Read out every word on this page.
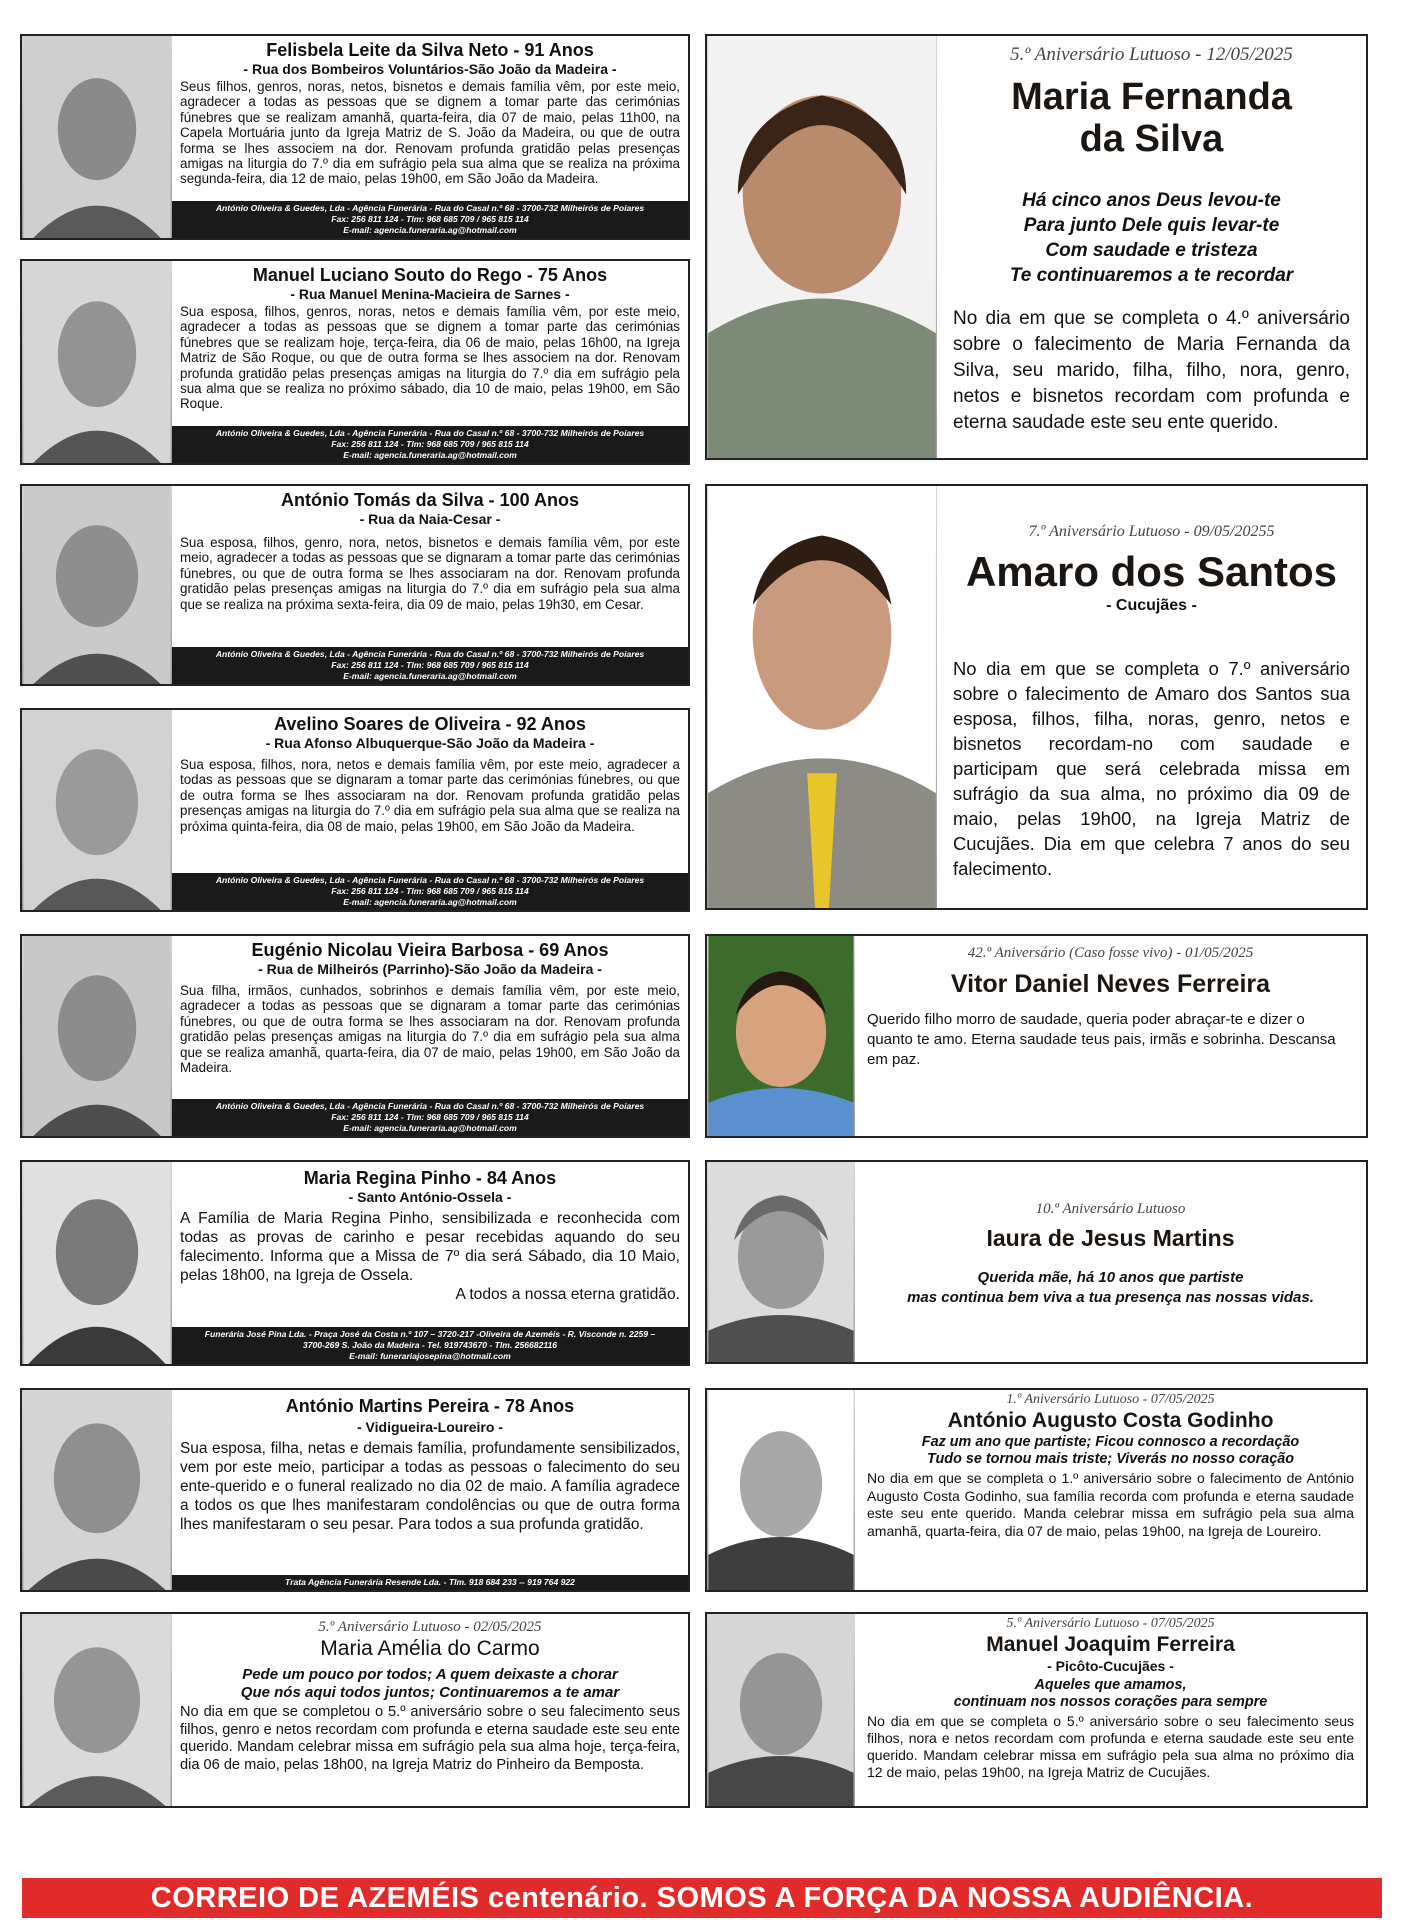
Felisbela Leite da Silva Neto - 91 Anos
- Rua dos Bombeiros Voluntários-São João da Madeira -
Seus filhos, genros, noras, netos, bisnetos e demais família vêm, por este meio, agradecer a todas as pessoas que se dignem a tomar parte das cerimónias fúnebres que se realizam amanhã, quarta-feira, dia 07 de maio, pelas 11h00, na Capela Mortuária junto da Igreja Matriz de S. João da Madeira, ou que de outra forma se lhes associem na dor. Renovam profunda gratidão pelas presenças amigas na liturgia do 7.º dia em sufrágio pela sua alma que se realiza na próxima segunda-feira, dia 12 de maio, pelas 19h00, em São João da Madeira.
António Oliveira & Guedes, Lda - Agência Funerária - Rua do Casal n.º 68 - 3700-732 Milheirós de Poiares
Fax: 256 811 124 - Tlm: 968 685 709 / 965 815 114
E-mail: agencia.funeraria.ag@hotmail.com
Manuel Luciano Souto do Rego - 75 Anos
- Rua Manuel Menina-Macieira de Sarnes -
Sua esposa, filhos, genros, noras, netos e demais família vêm, por este meio, agradecer a todas as pessoas que se dignem a tomar parte das cerimónias fúnebres que se realizam hoje, terça-feira, dia 06 de maio, pelas 16h00, na Igreja Matriz de São Roque, ou que de outra forma se lhes associem na dor. Renovam profunda gratidão pelas presenças amigas na liturgia do 7.º dia em sufrágio pela sua alma que se realiza no próximo sábado, dia 10 de maio, pelas 19h00, em São Roque.
António Oliveira & Guedes, Lda - Agência Funerária - Rua do Casal n.º 68 - 3700-732 Milheirós de Poiares
Fax: 256 811 124 - Tlm: 968 685 709 / 965 815 114
E-mail: agencia.funeraria.ag@hotmail.com
António Tomás da Silva - 100 Anos
- Rua da Naia-Cesar -
Sua esposa, filhos, genro, nora, netos, bisnetos e demais família vêm, por este meio, agradecer a todas as pessoas que se dignaram a tomar parte das cerimónias fúnebres, ou que de outra forma se lhes associaram na dor. Renovam profunda gratidão pelas presenças amigas na liturgia do 7.º dia em sufrágio pela sua alma que se realiza na próxima sexta-feira, dia 09 de maio, pelas 19h30, em Cesar.
António Oliveira & Guedes, Lda - Agência Funerária - Rua do Casal n.º 68 - 3700-732 Milheirós de Poiares
Fax: 256 811 124 - Tlm: 968 685 709 / 965 815 114
E-mail: agencia.funeraria.ag@hotmail.com
Avelino Soares de Oliveira - 92 Anos
- Rua Afonso Albuquerque-São João da Madeira -
Sua esposa, filhos, nora, netos e demais família vêm, por este meio, agradecer a todas as pessoas que se dignaram a tomar parte das cerimónias fúnebres, ou que de outra forma se lhes associaram na dor. Renovam profunda gratidão pelas presenças amigas na liturgia do 7.º dia em sufrágio pela sua alma que se realiza na próxima quinta-feira, dia 08 de maio, pelas 19h00, em São João da Madeira.
António Oliveira & Guedes, Lda - Agência Funerária - Rua do Casal n.º 68 - 3700-732 Milheirós de Poiares
Fax: 256 811 124 - Tlm: 968 685 709 / 965 815 114
E-mail: agencia.funeraria.ag@hotmail.com
Eugénio Nicolau Vieira Barbosa - 69 Anos
- Rua de Milheirós (Parrinho)-São João da Madeira -
Sua filha, irmãos, cunhados, sobrinhos e demais família vêm, por este meio, agradecer a todas as pessoas que se dignaram a tomar parte das cerimónias fúnebres, ou que de outra forma se lhes associaram na dor. Renovam profunda gratidão pelas presenças amigas na liturgia do 7.º dia em sufrágio pela sua alma que se realiza amanhã, quarta-feira, dia 07 de maio, pelas 19h00, em São João da Madeira.
António Oliveira & Guedes, Lda - Agência Funerária - Rua do Casal n.º 68 - 3700-732 Milheirós de Poiares
Fax: 256 811 124 - Tlm: 968 685 709 / 965 815 114
E-mail: agencia.funeraria.ag@hotmail.com
Maria Regina Pinho - 84 Anos
- Santo António-Ossela -
A Família de Maria Regina Pinho, sensibilizada e reconhecida com todas as provas de carinho e pesar recebidas aquando do seu falecimento. Informa que a Missa de 7º dia será Sábado, dia 10 Maio, pelas 18h00, na Igreja de Ossela.
A todos a nossa eterna gratidão.
Funerária José Pina Lda. - Praça José da Costa n.º 107 – 3720-217 -Oliveira de Azeméis - R. Visconde n. 2259 –
3700-269 S. João da Madeira - Tel. 919743670 - Tlm. 256682116
E-mail: funerariajosepina@hotmail.com
António Martins Pereira - 78 Anos
- Vidigueira-Loureiro -
Sua esposa, filha, netas e demais família, profundamente sensibilizados, vem por este meio, participar a todas as pessoas o falecimento do seu ente-querido e o funeral realizado no dia 02 de maio. A família agradece a todos os que lhes manifestaram condolências ou que de outra forma lhes manifestaram o seu pesar. Para todos a sua profunda gratidão.
Trata Agência Funerária Resende Lda. - Tlm. 918 684 233 -- 919 764 922
5.º Aniversário Lutuoso - 02/05/2025
Maria Amélia do Carmo
Pede um pouco por todos; A quem deixaste a chorar
Que nós aqui todos juntos; Continuaremos a te amar
No dia em que se completou o 5.º aniversário sobre o seu falecimento seus filhos, genro e netos recordam com profunda e eterna saudade este seu ente querido. Mandam celebrar missa em sufrágio pela sua alma hoje, terça-feira, dia 06 de maio, pelas 18h00, na Igreja Matriz do Pinheiro da Bemposta.
5.º Aniversário Lutuoso - 12/05/2025
Maria Fernanda
da Silva
Há cinco anos Deus levou-te
Para junto Dele quis levar-te
Com saudade e tristeza
Te continuaremos a te recordar
No dia em que se completa o 4.º aniversário sobre o falecimento de Maria Fernanda da Silva, seu marido, filha, filho, nora, genro, netos e bisnetos recordam com profunda e eterna saudade este seu ente querido.
7.º Aniversário Lutuoso - 09/05/20255
Amaro dos Santos
- Cucujães -
No dia em que se completa o 7.º aniversário sobre o falecimento de Amaro dos Santos sua esposa, filhos, filha, noras, genro, netos e bisnetos recordam-no com saudade e participam que será celebrada missa em sufrágio da sua alma, no próximo dia 09 de maio, pelas 19h00, na Igreja Matriz de Cucujães. Dia em que celebra 7 anos do seu falecimento.
42.º Aniversário (Caso fosse vivo) - 01/05/2025
Vitor Daniel Neves Ferreira
Querido filho morro de saudade, queria poder abraçar-te e dizer o quanto te amo. Eterna saudade teus pais, irmãs e sobrinha. Descansa em paz.
10.º Aniversário Lutuoso
Iaura de Jesus Martins
Querida mãe, há 10 anos que partiste
mas continua bem viva a tua presença nas nossas vidas.
1.º Aniversário Lutuoso - 07/05/2025
António Augusto Costa Godinho
Faz um ano que partiste; Ficou connosco a recordação
Tudo se tornou mais triste; Viverás no nosso coração
No dia em que se completa o 1.º aniversário sobre o falecimento de António Augusto Costa Godinho, sua família recorda com profunda e eterna saudade este seu ente querido. Manda celebrar missa em sufrágio pela sua alma amanhã, quarta-feira, dia 07 de maio, pelas 19h00, na Igreja de Loureiro.
5.º Aniversário Lutuoso - 07/05/2025
Manuel Joaquim Ferreira
- Picôto-Cucujães -
Aqueles que amamos,
continuam nos nossos corações para sempre
No dia em que se completa o 5.º aniversário sobre o seu falecimento seus filhos, nora e netos recordam com profunda e eterna saudade este seu ente querido. Mandam celebrar missa em sufrágio pela sua alma no próximo dia 12 de maio, pelas 19h00, na Igreja Matriz de Cucujães.
CORREIO DE AZEMÉIS centenário. SOMOS A FORÇA DA NOSSA AUDIÊNCIA.
